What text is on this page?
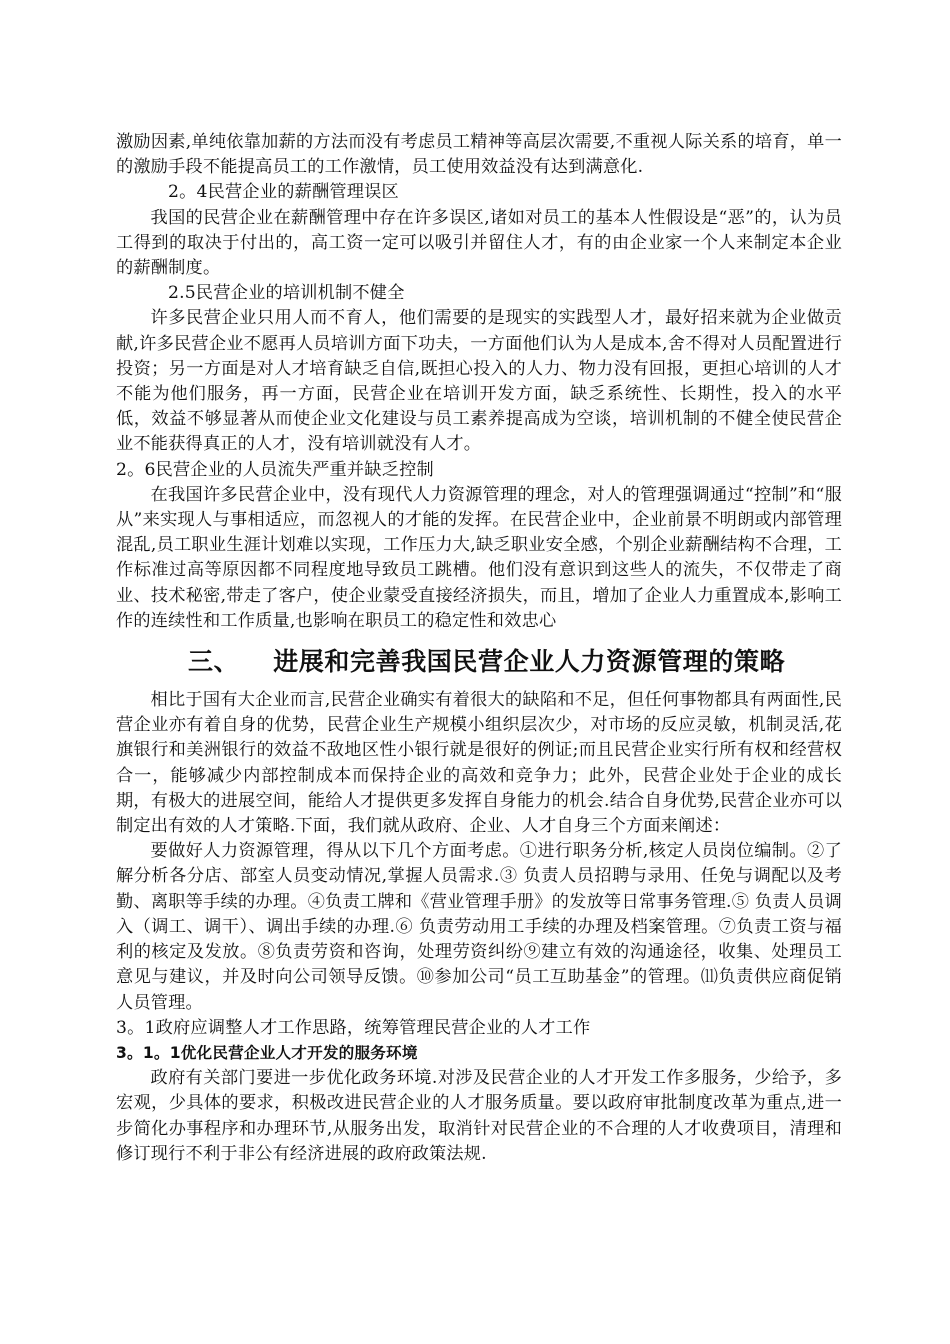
激励因素,单纯依靠加薪的方法而没有考虑员工精神等高层次需要,不重视人际关系的培育，单一的激励手段不能提高员工的工作激情，员工使用效益没有达到满意化.

2。4民营企业的薪酬管理误区

我国的民营企业在薪酬管理中存在许多误区,诸如对员工的基本人性假设是“恶”的，认为员工得到的取决于付出的，高工资一定可以吸引并留住人才，有的由企业家一个人来制定本企业的薪酬制度。

2.5民营企业的培训机制不健全

许多民营企业只用人而不育人，他们需要的是现实的实践型人才，最好招来就为企业做贡献,许多民营企业不愿再人员培训方面下功夫，一方面他们认为人是成本,舍不得对人员配置进行投资；另一方面是对人才培育缺乏自信,既担心投入的人力、物力没有回报，更担心培训的人才不能为他们服务，再一方面，民营企业在培训开发方面，缺乏系统性、长期性，投入的水平低，效益不够显著从而使企业文化建设与员工素养提高成为空谈，培训机制的不健全使民营企业不能获得真正的人才，没有培训就没有人才。

2。6民营企业的人员流失严重并缺乏控制

在我国许多民营企业中，没有现代人力资源管理的理念，对人的管理强调通过“控制”和“服从”来实现人与事相适应，而忽视人的才能的发挥。在民营企业中，企业前景不明朗或内部管理混乱,员工职业生涯计划难以实现，工作压力大,缺乏职业安全感，个别企业薪酬结构不合理，工作标准过高等原因都不同程度地导致员工跳槽。他们没有意识到这些人的流失，不仅带走了商业、技术秘密,带走了客户，使企业蒙受直接经济损失，而且，增加了企业人力重置成本,影响工作的连续性和工作质量,也影响在职员工的稳定性和效忠心

三、 进展和完善我国民营企业人力资源管理的策略

相比于国有大企业而言,民营企业确实有着很大的缺陷和不足，但任何事物都具有两面性,民营企业亦有着自身的优势，民营企业生产规模小组织层次少，对市场的反应灵敏，机制灵活,花旗银行和美洲银行的效益不敌地区性小银行就是很好的例证;而且民营企业实行所有权和经营权合一，能够减少内部控制成本而保持企业的高效和竞争力；此外，民营企业处于企业的成长期，有极大的进展空间，能给人才提供更多发挥自身能力的机会.结合自身优势,民营企业亦可以制定出有效的人才策略.下面，我们就从政府、企业、人才自身三个方面来阐述：

要做好人力资源管理，得从以下几个方面考虑。①进行职务分析,核定人员岗位编制。②了解分析各分店、部室人员变动情况,掌握人员需求.③ 负责人员招聘与录用、任免与调配以及考勤、离职等手续的办理。④负责工牌和《营业管理手册》的发放等日常事务管理.⑤ 负责人员调入（调工、调干）、调出手续的办理.⑥ 负责劳动用工手续的办理及档案管理。⑦负责工资与福利的核定及发放。⑧负责劳资和咨询，处理劳资纠纷⑨建立有效的沟通途径，收集、处理员工意见与建议，并及时向公司领导反馈。⑩参加公司“员工互助基金”的管理。⑾负责供应商促销人员管理。

3。1政府应调整人才工作思路，统筹管理民营企业的人才工作

3。1。1优化民营企业人才开发的服务环境

政府有关部门要进一步优化政务环境.对涉及民营企业的人才开发工作多服务，少给予，多宏观，少具体的要求，积极改进民营企业的人才服务质量。要以政府审批制度改革为重点,进一步简化办事程序和办理环节,从服务出发，取消针对民营企业的不合理的人才收费项目，清理和修订现行不利于非公有经济进展的政府政策法规.
